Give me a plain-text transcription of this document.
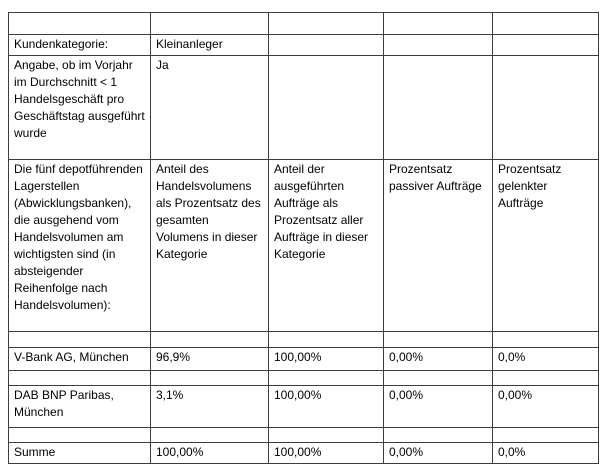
Kundenkategorie:	Kleinanleger			
Angabe, ob im Vorjahr im Durchschnitt < 1 Handelsgeschäft pro Geschäftstag ausgeführt wurde	Ja			
Die fünf depotführenden Lagerstellen (Abwicklungsbanken), die ausgehend vom Handelsvolumen am wichtigsten sind (in absteigender Reihenfolge nach Handelsvolumen):	Anteil des Handelsvolumens als Prozentsatz des gesamten Volumens in dieser Kategorie	Anteil der ausgeführten Aufträge als Prozentsatz aller Aufträge in dieser Kategorie	Prozentsatz passiver Aufträge	Prozentsatz gelenkter Aufträge

V-Bank AG, München	96,9%	100,00%	0,00%	0,0%

DAB BNP Paribas, München	3,1%	100,00%	0,00%	0,00%

Summe	100,00%	100,00%	0,00%	0,0%
